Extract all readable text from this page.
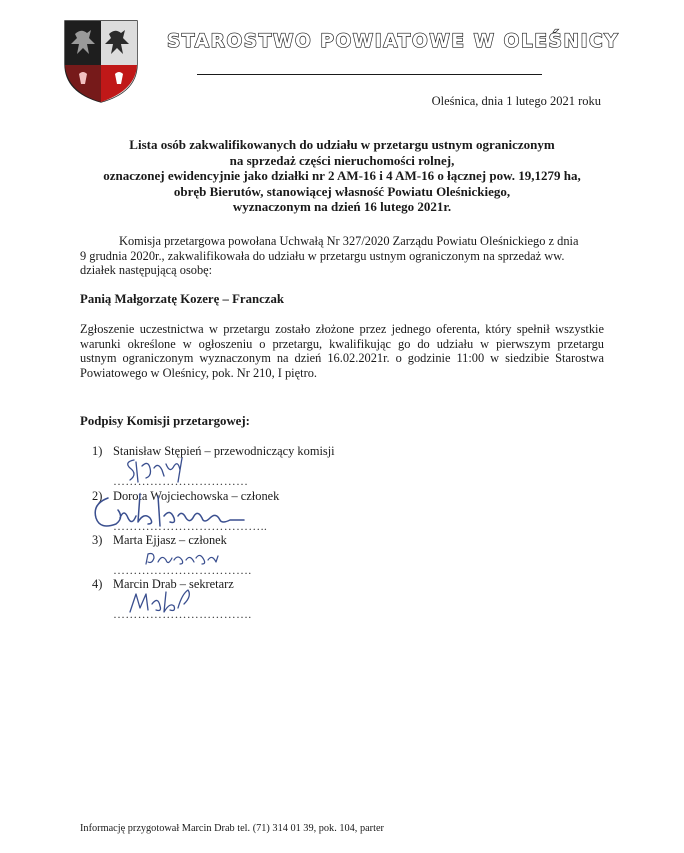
STAROSTWO POWIATOWE W OLEŚNICY
Oleśnica, dnia 1 lutego 2021 roku
Lista osób zakwalifikowanych do udziału w przetargu ustnym ograniczonym
na sprzedaż części nieruchomości rolnej,
oznaczonej ewidencyjnie jako działki nr 2 AM-16 i 4 AM-16 o łącznej pow. 19,1279 ha,
obręb Bierutów, stanowiącej własność Powiatu Oleśnickiego,
wyznaczonym na dzień 16 lutego 2021r.
Komisja przetargowa powołana Uchwałą Nr 327/2020 Zarządu Powiatu Oleśnickiego z dnia
9 grudnia 2020r., zakwalifikowała do udziału w przetargu ustnym ograniczonym na sprzedaż ww.
działek następującą osobę:
Panią Małgorzatę Kozerę – Franczak
Zgłoszenie uczestnictwa w przetargu zostało złożone przez jednego oferenta, który spełnił wszystkie
warunki określone w ogłoszeniu o przetargu, kwalifikując go do udziału w pierwszym przetargu
ustnym ograniczonym wyznaczonym na dzień 16.02.2021r. o godzinie 11:00 w siedzibie Starostwa
Powiatowego w Oleśnicy, pok. Nr 210, I piętro.
Podpisy Komisji przetargowej:
1) Stanisław Stępień – przewodniczący komisji
……………………………
2) Dorota Wojciechowska – członek
………………………………..
3) Marta Ejjasz – członek
…………………………….
4) Marcin Drab – sekretarz
…………………………….
Informację przygotował Marcin Drab tel. (71) 314 01 39, pok. 104, parter
